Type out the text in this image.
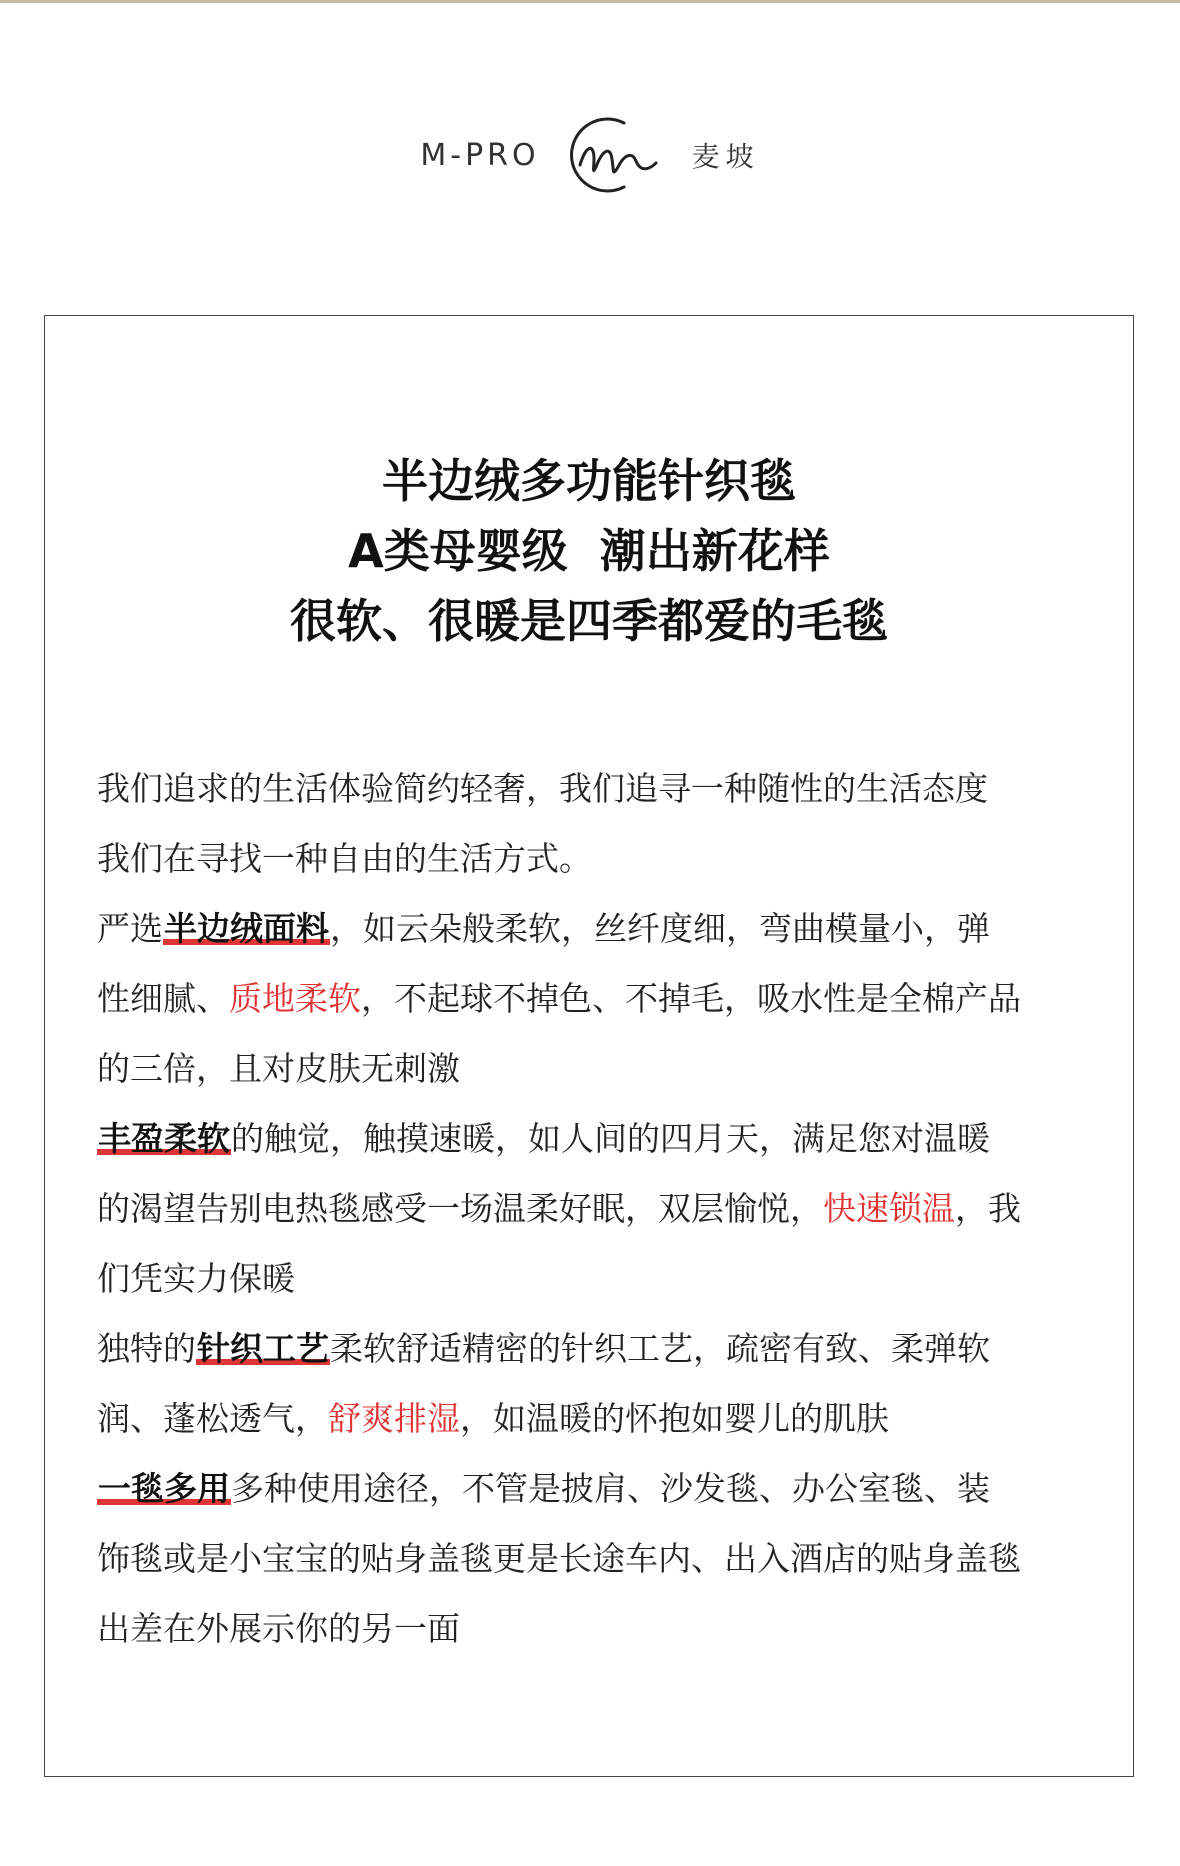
M-PRO	麦坡
半边绒多功能针织毯
A类母婴级  潮出新花样
很软、很暖是四季都爱的毛毯
我们追求的生活体验简约轻奢，我们追寻一种随性的生活态度
我们在寻找一种自由的生活方式。
严选半边绒面料，如云朵般柔软，丝纤度细，弯曲模量小，弹
性细腻、质地柔软，不起球不掉色、不掉毛，吸水性是全棉产品
的三倍，且对皮肤无刺激
丰盈柔软的触觉，触摸速暖，如人间的四月天，满足您对温暖
的渴望告别电热毯感受一场温柔好眠，双层愉悦，快速锁温，我
们凭实力保暖
独特的针织工艺柔软舒适精密的针织工艺，疏密有致、柔弹软
润、蓬松透气，舒爽排湿，如温暖的怀抱如婴儿的肌肤
一毯多用多种使用途径，不管是披肩、沙发毯、办公室毯、装
饰毯或是小宝宝的贴身盖毯更是长途车内、出入酒店的贴身盖毯
出差在外展示你的另一面
